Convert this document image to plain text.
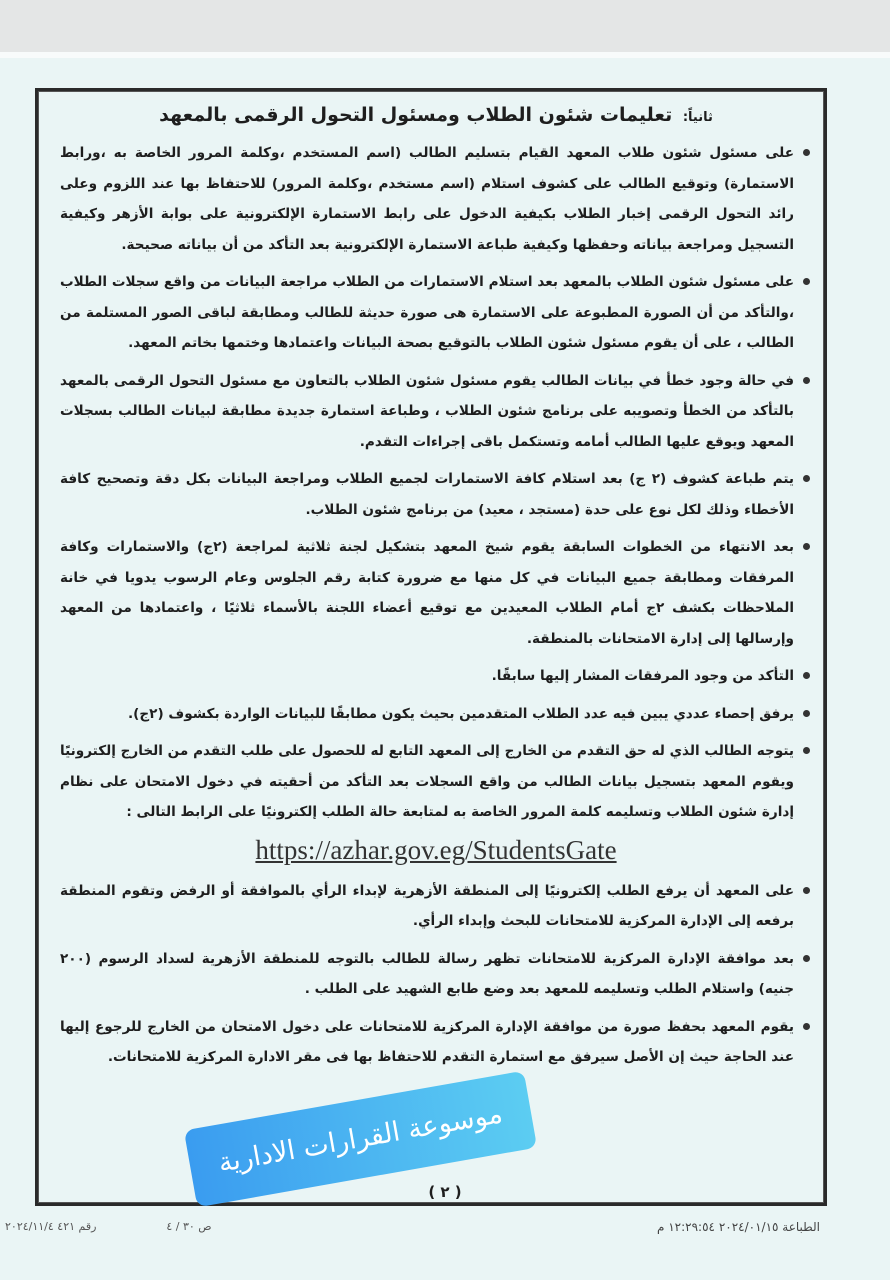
ثانياً: تعليمات شئون الطلاب ومسئول التحول الرقمى بالمعهد
على مسئول شئون طلاب المعهد القيام بتسليم الطالب (اسم المستخدم ،وكلمة المرور الخاصة به ،ورابط الاستمارة) وتوقيع الطالب على كشوف استلام (اسم مستخدم ،وكلمة المرور) للاحتفاظ بها عند اللزوم وعلى رائد التحول الرقمى إخبار الطلاب بكيفية الدخول على رابط الاستمارة الإلكترونية على بوابة الأزهر وكيفية التسجيل ومراجعة بياناته وحفظها وكيفية طباعة الاستمارة الإلكترونية بعد التأكد من أن بياناته صحيحة.
على مسئول شئون الطلاب بالمعهد بعد استلام الاستمارات من الطلاب مراجعة البيانات من واقع سجلات الطلاب ،والتأكد من أن الصورة المطبوعة على الاستمارة هى صورة حديثة للطالب ومطابقة لباقى الصور المستلمة من الطالب ، على أن يقوم مسئول شئون الطلاب بالتوقيع بصحة البيانات واعتمادها وختمها بخاتم المعهد.
في حالة وجود خطأ في بيانات الطالب يقوم مسئول شئون الطلاب بالتعاون مع مسئول التحول الرقمى بالمعهد بالتأكد من الخطأ وتصويبه على برنامج شئون الطلاب ، وطباعة استمارة جديدة مطابقة لبيانات الطالب بسجلات المعهد ويوقع عليها الطالب أمامه وتستكمل باقى إجراءات التقدم.
يتم طباعة كشوف (٢ ج) بعد استلام كافة الاستمارات لجميع الطلاب ومراجعة البيانات بكل دقة وتصحيح كافة الأخطاء وذلك لكل نوع على حدة (مستجد ، معيد) من برنامج شئون الطلاب.
بعد الانتهاء من الخطوات السابقة يقوم شيخ المعهد بتشكيل لجنة ثلاثية لمراجعة (٢ج) والاستمارات وكافة المرفقات ومطابقة جميع البيانات في كل منها مع ضرورة كتابة رقم الجلوس وعام الرسوب يدويا في خانة الملاحظات بكشف ٢ج أمام الطلاب المعيدين مع توقيع أعضاء اللجنة بالأسماء ثلاثيًا ، واعتمادها من المعهد وإرسالها إلى إدارة الامتحانات بالمنطقة.
التأكد من وجود المرفقات المشار إليها سابقًا.
يرفق إحصاء عددي يبين فيه عدد الطلاب المتقدمين بحيث يكون مطابقًا للبيانات الواردة بكشوف (٢ج).
يتوجه الطالب الذي له حق التقدم من الخارج إلى المعهد التابع له للحصول على طلب التقدم من الخارج إلكترونيًا ويقوم المعهد بتسجيل بيانات الطالب من واقع السجلات بعد التأكد من أحقيته في دخول الامتحان على نظام إدارة شئون الطلاب وتسليمه كلمة المرور الخاصة به لمتابعة حالة الطلب إلكترونيًا على الرابط التالى :
https://azhar.gov.eg/StudentsGate
على المعهد أن يرفع الطلب إلكترونيًا إلى المنطقة الأزهرية لإبداء الرأي بالموافقة أو الرفض وتقوم المنطقة برفعه إلى الإدارة المركزية للامتحانات للبحث وإبداء الرأي.
بعد موافقة الإدارة المركزية للامتحانات تظهر رسالة للطالب بالتوجه للمنطقة الأزهرية لسداد الرسوم (٢٠٠ جنيه) واستلام الطلب وتسليمه للمعهد بعد وضع طابع الشهيد على الطلب .
يقوم المعهد بحفظ صورة من موافقة الإدارة المركزية للامتحانات على دخول الامتحان من الخارج للرجوع إليها عند الحاجة حيث إن الأصل سيرفق مع استمارة التقدم للاحتفاظ بها فى مقر الادارة المركزية للامتحانات.
موسوعة القرارات الادارية
( ٢ )
الطباعة ٢٠٢٤/٠١/١٥ ١٢:٢٩:٥٤ م
ص ٣٠ / ٤                    رقم ٤٢١ ٢٠٢٤/١١/٤
